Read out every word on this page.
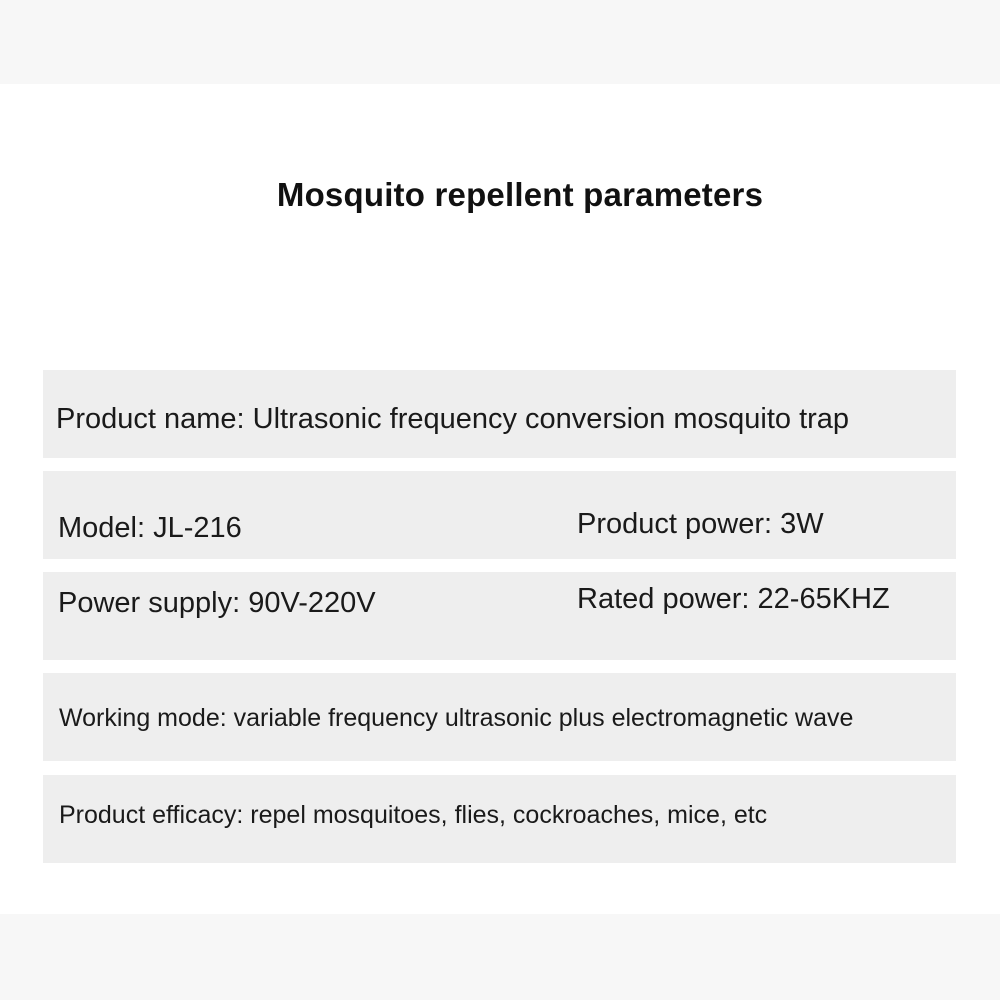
Mosquito repellent parameters
Product name: Ultrasonic frequency conversion mosquito trap
Model: JL-216	Product power: 3W
Power supply: 90V-220V	Rated power: 22-65KHZ
Working mode: variable frequency ultrasonic plus electromagnetic wave
Product efficacy: repel mosquitoes, flies, cockroaches, mice, etc
